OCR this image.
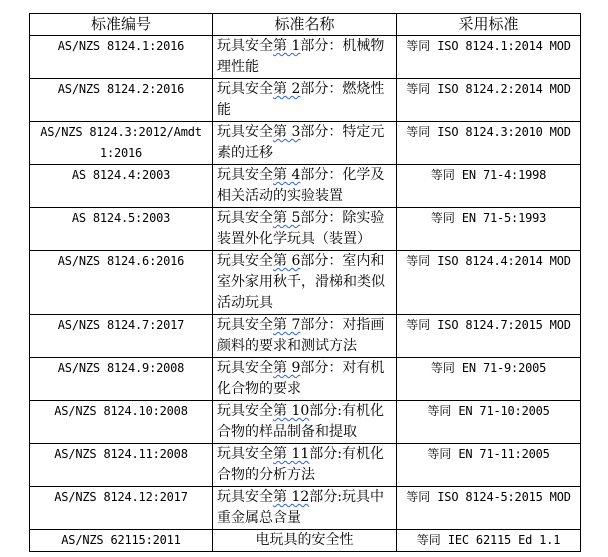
标准编号	标准名称	采用标准
AS/NZS 8124.1:2016	玩具安全第 1部分：机械物理性能	等同 ISO 8124.1:2014 MOD
AS/NZS 8124.2:2016	玩具安全第 2部分：燃烧性能	等同 ISO 8124.2:2014 MOD
AS/NZS 8124.3:2012/Amdt 1:2016	玩具安全第 3部分：特定元素的迁移	等同 ISO 8124.3:2010 MOD
AS 8124.4:2003	玩具安全第 4部分：化学及相关活动的实验装置	等同 EN 71-4:1998
AS 8124.5:2003	玩具安全第 5部分：除实验装置外化学玩具（装置）	等同 EN 71-5:1993
AS/NZS 8124.6:2016	玩具安全第 6部分：室内和室外家用秋千，滑梯和类似活动玩具	等同 ISO 8124.4:2014 MOD
AS/NZS 8124.7:2017	玩具安全第 7部分：对指画颜料的要求和测试方法	等同 ISO 8124.7:2015 MOD
AS/NZS 8124.9:2008	玩具安全第 9部分：对有机化合物的要求	等同 EN 71-9:2005
AS/NZS 8124.10:2008	玩具安全第 10部分:有机化合物的样品制备和提取	等同 EN 71-10:2005
AS/NZS 8124.11:2008	玩具安全第 11部分:有机化合物的分析方法	等同 EN 71-11:2005
AS/NZS 8124.12:2017	玩具安全第 12部分:玩具中重金属总含量	等同 ISO 8124-5:2015 MOD
AS/NZS 62115:2011	电玩具的安全性	等同 IEC 62115 Ed 1.1
